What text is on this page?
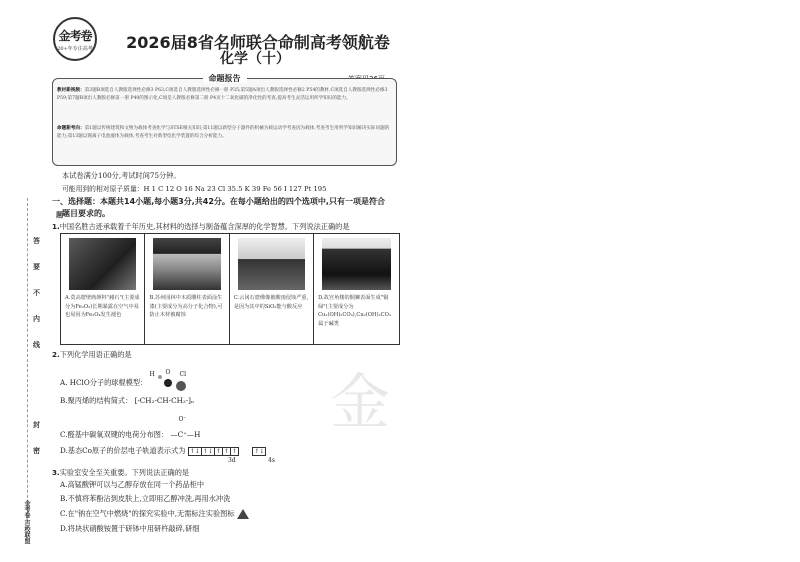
题
答
要
不
内
线
封
密
金考卷·百校联盟
金考卷
20+年专注高考	2026届8省名师联合命制高考领航卷
化学（十）
命题报告
教材新视频：第3题B项选自人教版选择性必修3 P63,C项选自人教版选择性必修一册 P35;第5题A项出人教版选择性必修2 P54的教材,C项选自人教版选择性必修3 P59;第7题B项出人教版必修第一册 P40的图示化,C项是人教版必修第二册 P4页十二氧化碳的净化性的考查,提高考生灵活运用所学知识的能力。
命题新考向：第1题以传统建筑和文物为载体考查化学与STSE相关知识;第11题以新型分子器件的机械为载运动学考查因为载体,考查考生用所学知识解决实际问题的能力;第13题以锂离子电池液体为载体,考查考生对新型电化学装置的综合分析能力。
本试卷满分100分,考试时间75分钟。
可能用到的相对原子质量：H 1 C 12 O 16 Na 23 Cl 35.5 K 39 Fe 56 I 127 Pt 195
一、选择题：本题共14小题,每小题3分,共42分。在每小题给出的四个选项中,只有一项是符合
题目要求的。
1.中国名胜古迹承载着千年历史,其材料的选择与制备蕴含深厚的化学智慧。下列说法正确的是
A.莫高窟壁画颜料"赭石"(主要成分为Fe₂O₃)长期暴露在空气中易也易因为Fe₃O₄发生褪色

B.苏州园林中木质雕柱表面涂生漆(主要成分为高分子化合物),可防止木材被腐蚀

C.云冈石窟佛像被酸雨侵蚀严重,是因为其中的SiO₂能与酸反应

D.故宫角楼的铜狮表面生成"铜绿"(主要成分为Cu₂(OH)₂CO₃),Cu₂(OH)₂CO₃属于碱类
2.下列化学用语正确的是
A. HClO分子的球棍模型：
H O Cl
B.聚丙烯的结构简式： [-CH₂-CH-CH₂-]ₙ
C.醛基中碳氧双键的电荷分布图：
O⁻
—C⁺—H
D.基态Co原子的价层电子轨道表示式为 ↑↓ ↑↓ ↑ ↑ ↑	↑↓
3d	4s
3.实验室安全至关重要。下列说法正确的是
A.高锰酸钾可以与乙醇存放在同一个药品柜中
B.不慎将苯酚沾到皮肤上,立即用乙醇冲洗,再用水冲洗
C.在"钠在空气中燃烧"的探究实验中,无需标注实验图标
D.将块状硝酸铵置于研钵中用研杵敲碎,研细
金
